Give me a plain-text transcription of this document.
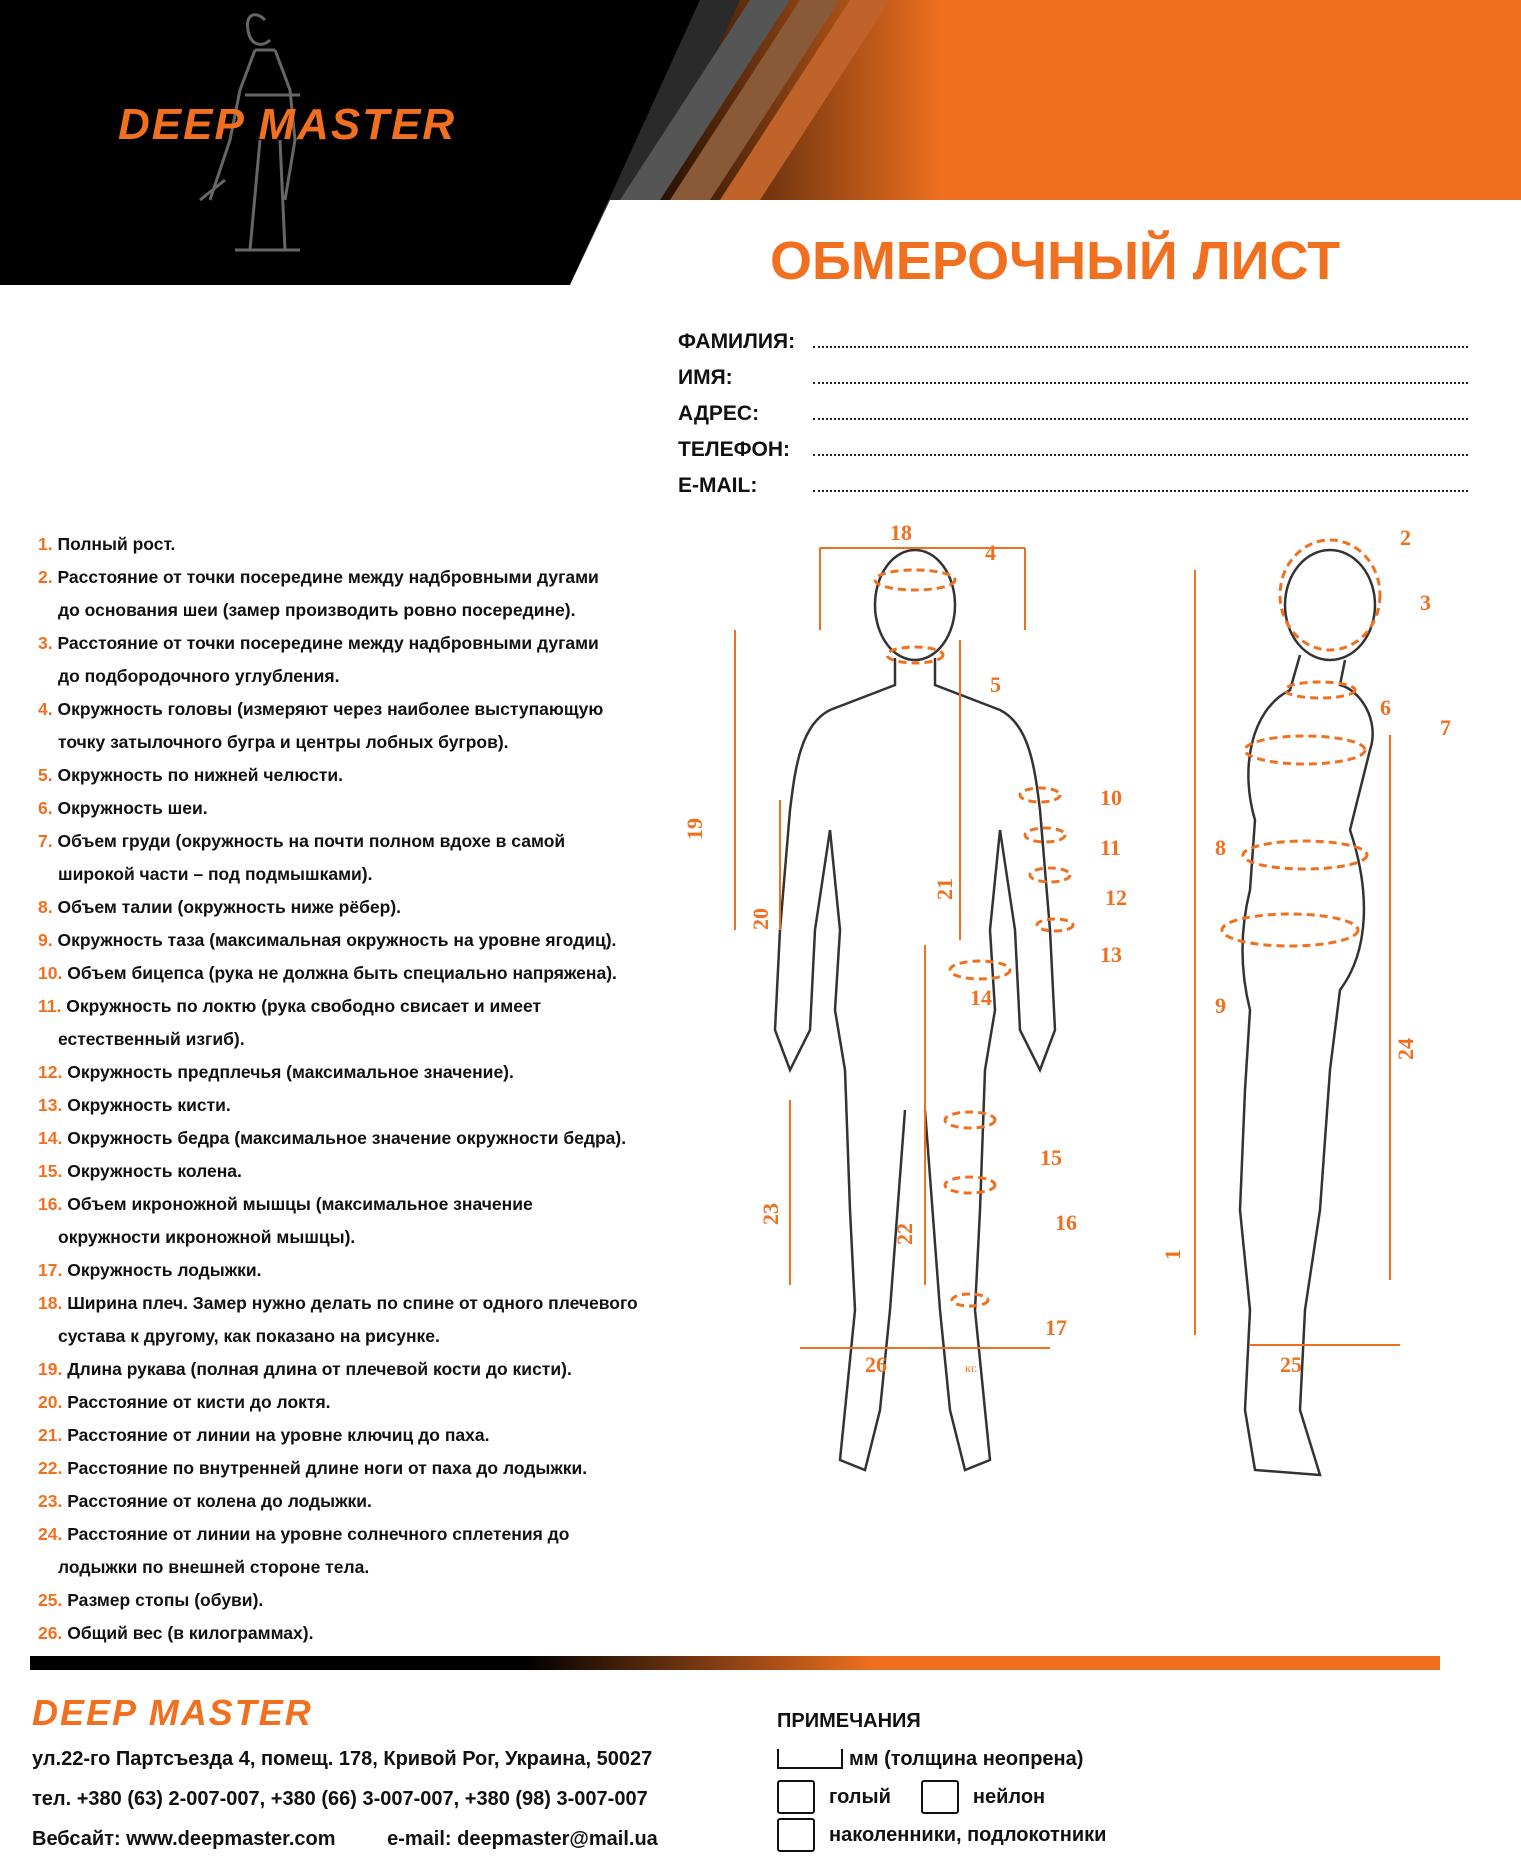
DEEP MASTER
ОБМЕРОЧНЫЙ ЛИСТ
ФАМИЛИЯ:
ИМЯ:
АДРЕС:
ТЕЛЕФОН:
E-MAIL:
1. Полный рост.
2. Расстояние от точки посередине между надбровными дугами
до основания шеи (замер производить ровно посередине).
3. Расстояние от точки посередине между надбровными дугами
до подбородочного углубления.
4. Окружность головы (измеряют через наиболее выступающую
точку затылочного бугра и центры лобных бугров).
5. Окружность по нижней челюсти.
6. Окружность шеи.
7. Объем груди (окружность на почти полном вдохе в самой
широкой части – под подмышками).
8. Объем талии (окружность ниже рёбер).
9. Окружность таза (максимальная окружность на уровне ягодиц).
10. Объем бицепса (рука не должна быть специально напряжена).
11. Окружность по локтю (рука свободно свисает и имеет
естественный изгиб).
12. Окружность предплечья (максимальное значение).
13. Окружность кисти.
14. Окружность бедра (максимальное значение окружности бедра).
15. Окружность колена.
16. Объем икроножной мышцы (максимальное значение
окружности икроножной мышцы).
17. Окружность лодыжки.
18. Ширина плеч. Замер нужно делать по спине от одного плечевого
сустава к другому, как показано на рисунке.
19. Длина рукава (полная длина от плечевой кости до кисти).
20. Расстояние от кисти до локтя.
21. Расстояние от линии на уровне ключиц до паха.
22. Расстояние по внутренней длине ноги от паха до лодыжки.
23. Расстояние от колена до лодыжки.
24. Расстояние от линии на уровне солнечного сплетения до
лодыжки по внешней стороне тела.
25. Размер стопы (обуви).
26. Общий вес (в килограммах).
18
4
5
2
3
6
7
10
11
12
13
14
15
16
17
8
9
26	25
19
20
21
22
23
1
24
кг.
DEEP MASTER
ул.22-го Партсъезда 4, помещ. 178, Кривой Рог, Украина, 50027
тел. +380 (63) 2-007-007, +380 (66) 3-007-007, +380 (98) 3-007-007
Вебсайт: www.deepmaster.com	e-mail: deepmaster@mail.ua
ПРИМЕЧАНИЯ
мм (толщина неопрена)
голый	нейлон
наколенники, подлокотники
